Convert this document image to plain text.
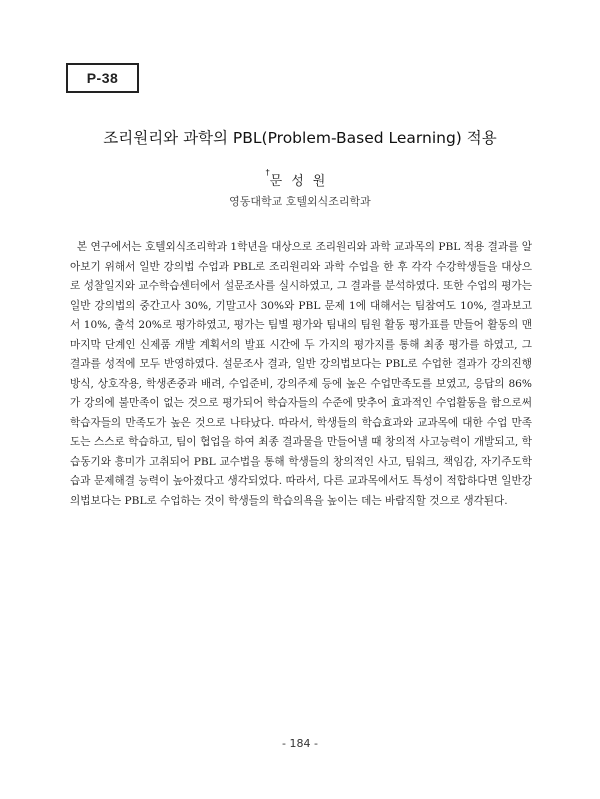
P-38
조리원리와 과학의 PBL(Problem-Based Learning) 적용
†문성원
영동대학교 호텔외식조리학과

본 연구에서는 호텔외식조리학과 1학년을 대상으로 조리원리와 과학 교과목의 PBL 적용 결과를 알아보기 위해서 일반 강의법 수업과 PBL로 조리원리와 과학 수업을 한 후 각각 수강학생들을 대상으로 성찰일지와 교수학습센터에서 설문조사를 실시하였고, 그 결과를 분석하였다. 또한 수업의 평가는 일반 강의법의 중간고사 30%, 기말고사 30%와 PBL 문제 1에 대해서는 팀참여도 10%, 결과보고서 10%, 출석 20%로 평가하였고, 평가는 팀별 평가와 팀내의 팀원 활동 평가표를 만들어 활동의 맨 마지막 단계인 신제품 개발 계획서의 발표 시간에 두 가지의 평가지를 통해 최종 평가를 하였고, 그 결과를 성적에 모두 반영하였다. 설문조사 결과, 일반 강의법보다는 PBL로 수업한 결과가 강의진행방식, 상호작용, 학생존중과 배려, 수업준비, 강의주제 등에 높은 수업만족도를 보였고, 응답의 86%가 강의에 불만족이 없는 것으로 평가되어 학습자들의 수준에 맞추어 효과적인 수업활동을 함으로써 학습자들의 만족도가 높은 것으로 나타났다. 따라서, 학생들의 학습효과와 교과목에 대한 수업 만족도는 스스로 학습하고, 팀이 협업을 하여 최종 결과물을 만들어낼 때 창의적 사고능력이 개발되고, 학습동기와 흥미가 고취되어 PBL 교수법을 통해 학생들의 창의적인 사고, 팀워크, 책임감, 자기주도학습과 문제해결 능력이 높아졌다고 생각되었다. 따라서, 다른 교과목에서도 특성이 적합하다면 일반강의법보다는 PBL로 수업하는 것이 학생들의 학습의욕을 높이는 데는 바람직할 것으로 생각된다.

- 184 -
